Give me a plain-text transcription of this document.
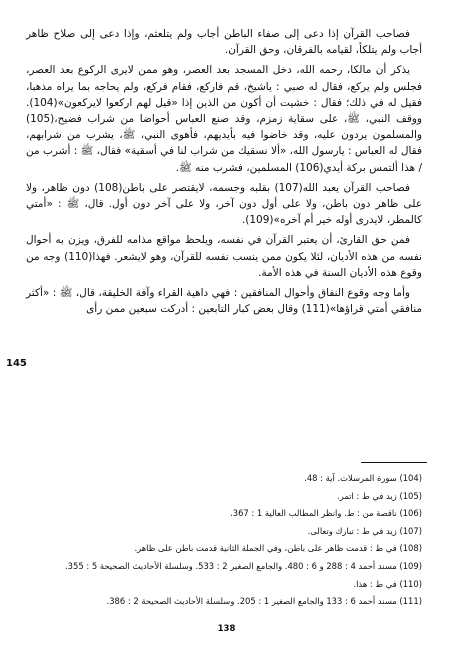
فصاحب القرآن إذا دعى إلى صفاء الباطن أجاب ولم يتلعثم، وإذا دعى إلى صلاح ظاهر أجاب ولم يتلكأ، لقيامه بالفرقان، وحق القرآن.

يذكر أن مالكا، رحمه الله، دخل المسجد بعد العصر، وهو ممن لايرى الركوع بعد العصر، فجلس ولم يركع، فقال له صبي : ياشيخ، قم فاركع، فقام فركع، ولم يحاجه بما يراه مذهبا، فقيل له في ذلك؛ فقال : خشيت أن أكون من الذين إذا «قيل لهم اركعوا لايركعون»(104). ووقف النبي، ﷺ، على سقاية زمزم، وقد صنع العباس أحواضا من شراب فضيح،(105) والمسلمون يردون عليه، وقد خاضوا فيه بأيديهم، فأهوى النبي، ﷺ، يشرب من شرابهم، فقال له العباس : يارسول الله، «ألا نسقيك من شراب لنا في أسقية» فقال، ﷺ : أشرب من / هذا ألتمس بركة أيدي(106) المسلمين، فشرب منه ﷺ.

فصاحب القرآن يعبد الله(107) بقلبه وجسمه، لايقتصر على باطن(108) دون ظاهر، ولا على ظاهر دون باطن، ولا على أول دون آخر، ولا على آخر دون أول. قال، ﷺ : «أمتي كالمطر، لايدرى أوله خير أم آخره»(109).

فمن حق القارئ، أن يعتبر القرآن في نفسه، ويلحظ مواقع مذامه للفرق، ويزن به أحوال نفسه من هذه الأديان، لئلا يكون ممن ينسب نفسه للقرآن، وهو لايشعر. فهذا(110) وجه من وقوع هذه الأديان السنة في هذه الأمة.

وأما وجه وقوع النفاق وأحوال المنافقين : فهي داهية القراء وآفة الخليقة، قال، ﷺ : «أكثر منافقي أمتي قراؤها»(111) وقال بعض كبار التابعين : أدركت سبعين ممن رأى

145
(104) سورة المرسلات. آية : 48.
(105) زيد في ط : اتمر.
(106) ناقصة من : ط. وانظر المطالب العالية 1 : 367.
(107) زيد في ط : تبارك وتعالى.
(108) في ط : قدمت ظاهر على باطن، وفي الجملة الثانية قدمت باطن على ظاهر.
(109) مسند أحمد 4 : 288 و 6 : 480. والجامع الصغير 2 : 533. وسلسلة الأحاديث الصحيحة 5 : 355.
(110) في ط : هذا.
(111) مسند أحمد 6 : 133 والجامع الصغير 1 : 205. وسلسلة الأحاديث الصحيحة 2 : 386.
138
